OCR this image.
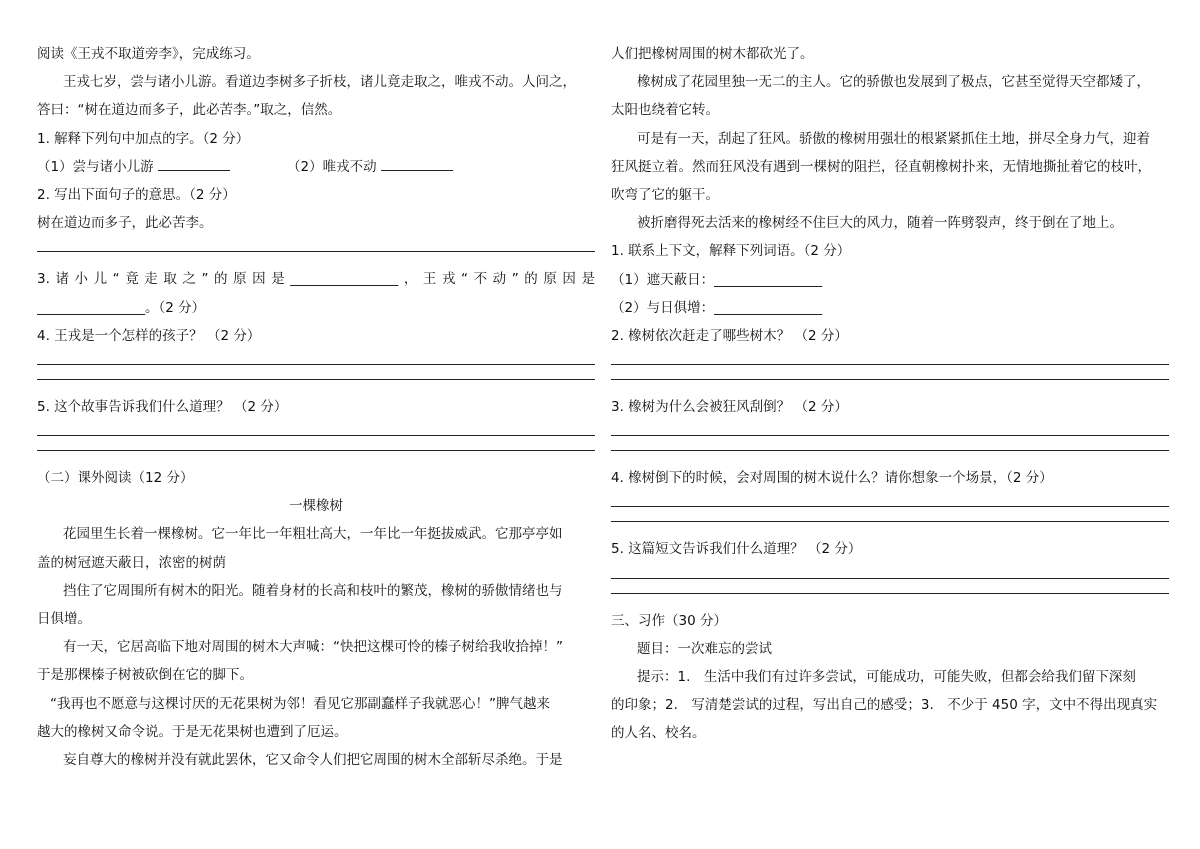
阅读《王戎不取道旁李》，完成练习。
王戎七岁，尝与诸小儿游。看道边李树多子折枝，诸儿竟走取之，唯戎不动。人问之，
答曰：“树在道边而多子，此必苦李。”取之，信然。
1. 解释下列句中加点的字。（2 分）
（1）尝与诸小儿游	（2）唯戎不动
2. 写出下面句子的意思。（2 分）
树在道边而多子，此必苦李。
3. 诸 小 儿 “ 竟 走 取 之 ” 的 原 因 是 ________________ ， 王 戎 “ 不 动 ” 的 原 因 是
________________。（2 分）
4. 王戎是一个怎样的孩子？ （2 分）
5. 这个故事告诉我们什么道理？ （2 分）
（二）课外阅读（12 分）
一棵橡树
花园里生长着一棵橡树。它一年比一年粗壮高大，一年比一年挺拔威武。它那亭亭如
盖的树冠遮天蔽日，浓密的树荫
挡住了它周围所有树木的阳光。随着身材的长高和枝叶的繁茂，橡树的骄傲情绪也与
日俱增。
有一天，它居高临下地对周围的树木大声喊：“快把这棵可怜的榛子树给我收拾掉！”
于是那棵榛子树被砍倒在它的脚下。
“我再也不愿意与这棵讨厌的无花果树为邻！看见它那副蠢样子我就恶心！”脾气越来
越大的橡树又命令说。于是无花果树也遭到了厄运。
妄自尊大的橡树并没有就此罢休，它又命令人们把它周围的树木全部斩尽杀绝。于是
人们把橡树周围的树木都砍光了。
橡树成了花园里独一无二的主人。它的骄傲也发展到了极点，它甚至觉得天空都矮了，
太阳也绕着它转。
可是有一天，刮起了狂风。骄傲的橡树用强壮的根紧紧抓住土地，拼尽全身力气，迎着
狂风挺立着。然而狂风没有遇到一棵树的阻拦，径直朝橡树扑来，无情地撕扯着它的枝叶，
吹弯了它的躯干。
被折磨得死去活来的橡树经不住巨大的风力，随着一阵劈裂声，终于倒在了地上。
1. 联系上下文，解释下列词语。（2 分）
（1）遮天蔽日：________________
（2）与日俱增：________________
2. 橡树依次赶走了哪些树木？ （2 分）
3. 橡树为什么会被狂风刮倒？ （2 分）
4. 橡树倒下的时候，会对周围的树木说什么？请你想象一个场景，（2 分）
5. 这篇短文告诉我们什么道理？ （2 分）
三、习作（30 分）
题目：一次难忘的尝试
提示：1.　生活中我们有过许多尝试，可能成功，可能失败，但都会给我们留下深刻
的印象；2.　写清楚尝试的过程，写出自己的感受；3.　不少于 450 字，文中不得出现真实
的人名、校名。
